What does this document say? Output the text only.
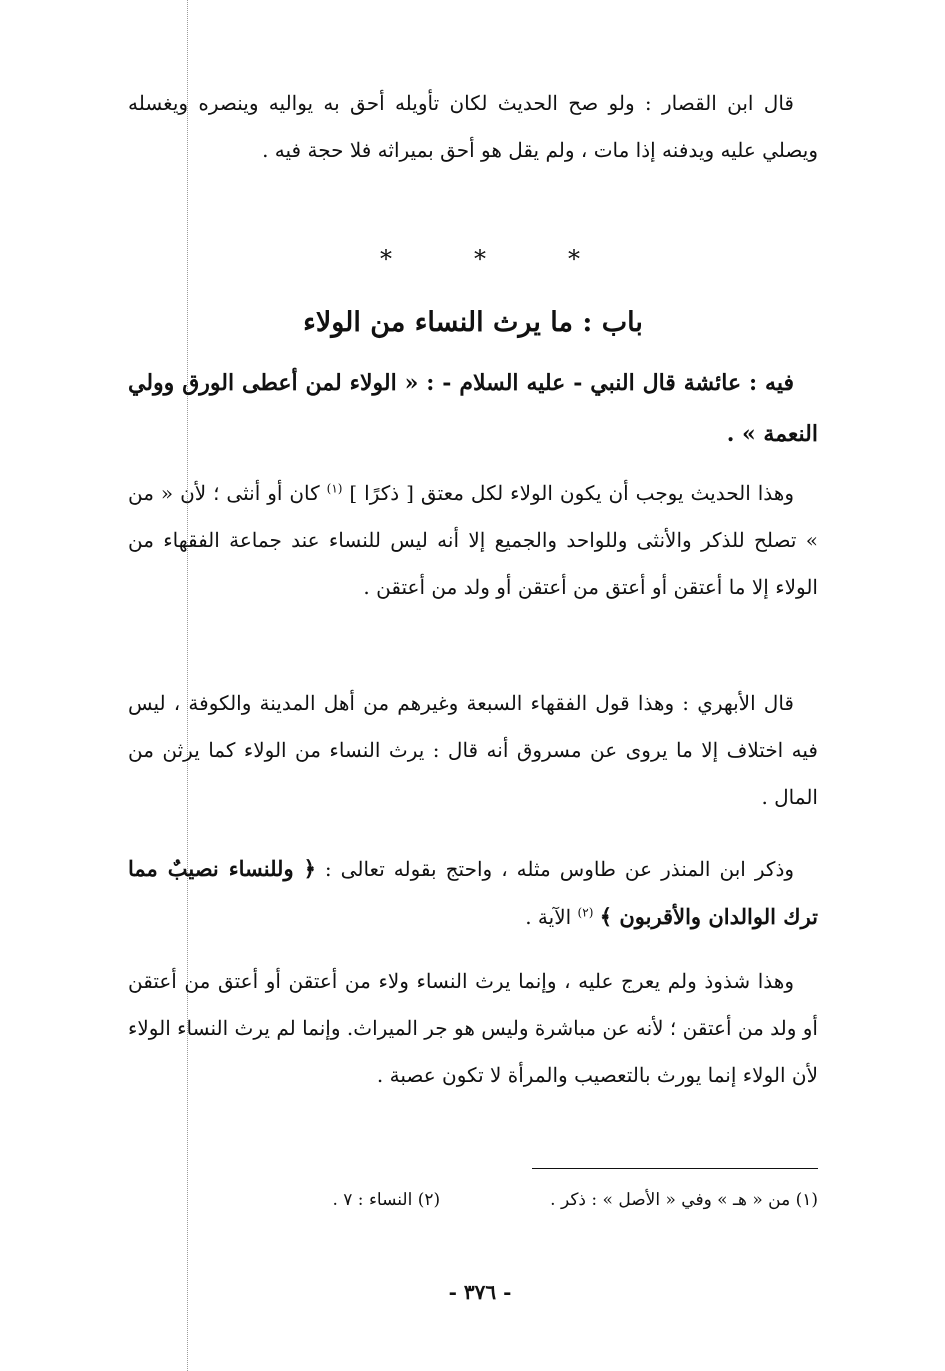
قال ابن القصار : ولو صح الحديث لكان تأويله أحق به يواليه وينصره ويغسله ويصلي عليه ويدفنه إذا مات ، ولم يقل هو أحق بميراثه فلا حجة فيه .
*	*	*
باب : ما يرث النساء من الولاء
فيه : عائشة قال النبي - عليه السلام - : « الولاء لمن أعطى الورق وولي النعمة » .
وهذا الحديث يوجب أن يكون الولاء لكل معتق [ ذكرًا ] $^{(١)}$ كان أو أنثى ؛ لأن « من » تصلح للذكر والأنثى وللواحد والجميع إلا أنه ليس للنساء عند جماعة الفقهاء من الولاء إلا ما أعتقن أو أعتق من أعتقن أو ولد من أعتقن .
قال الأبهري : وهذا قول الفقهاء السبعة وغيرهم من أهل المدينة والكوفة ، ليس فيه اختلاف إلا ما يروى عن مسروق أنه قال : يرث النساء من الولاء كما يرثن من المال .
وذكر ابن المنذر عن طاوس مثله ، واحتج بقوله تعالى : ﴿ وللنساء نصيبٌ مما ترك الوالدان والأقربون ﴾ $^{(٢)}$ الآية .
وهذا شذوذ ولم يعرج عليه ، وإنما يرث النساء ولاء من أعتقن أو أعتق من أعتقن أو ولد من أعتقن ؛ لأنه عن مباشرة وليس هو جر الميراث. وإنما لم يرث النساء الولاء لأن الولاء إنما يورث بالتعصيب والمرأة لا تكون عصبة .
(١) من « هـ » وفي « الأصل » : ذكر .
(٢) النساء : ٧ .
- ٣٧٦ -
